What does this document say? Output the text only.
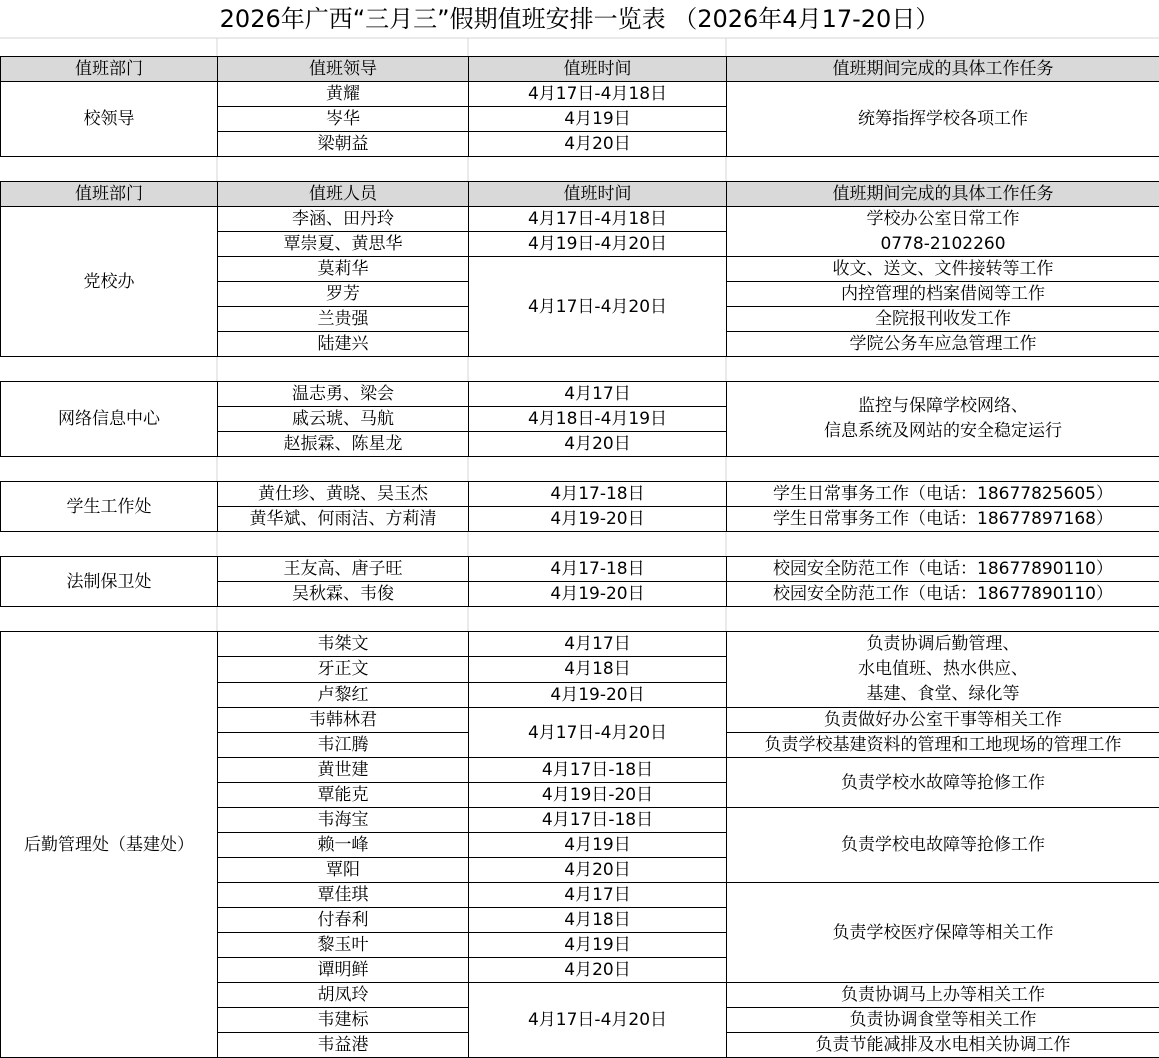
2026年广西“三月三”假期值班安排一览表 （2026年4月17-20日）
值班部门	值班领导	值班时间	值班期间完成的具体工作任务
校领导	黄耀	4月17日-4月18日	统筹指挥学校各项工作
	岑华	4月19日	
	梁朝益	4月20日	
值班部门	值班人员	值班时间	值班期间完成的具体工作任务
党校办	李涵、田丹玲	4月17日-4月18日	学校办公室日常工作
	覃崇夏、黄思华	4月19日-4月20日	0778-2102260
	莫莉华	4月17日-4月20日	收文、送文、文件接转等工作
	罗芳		内控管理的档案借阅等工作
	兰贵强		全院报刊收发工作
	陆建兴		学院公务车应急管理工作
网络信息中心	温志勇、梁会	4月17日	监控与保障学校网络、
信息系统及网站的安全稳定运行

	戚云琥、马航	4月18日-4月19日	
	赵振霖、陈星龙	4月20日	
学生工作处	黄仕珍、黄晓、吴玉杰	4月17-18日	学生日常事务工作（电话：18677825605）
	黄华斌、何雨洁、方莉清	4月19-20日	学生日常事务工作（电话：18677897168）
法制保卫处	王友高、唐子旺	4月17-18日	校园安全防范工作（电话：18677890110）
	吴秋霖、韦俊	4月19-20日	校园安全防范工作（电话：18677890110）
后勤管理处（基建处）	韦桀文	4月17日	负责协调后勤管理、
水电值班、热水供应、
基建、食堂、绿化等

	牙正文	4月18日	
	卢黎红	4月19-20日	
	韦韩林君	4月17日-4月20日	负责做好办公室干事等相关工作
	韦江腾		负责学校基建资料的管理和工地现场的管理工作
	黄世建	4月17日-18日	负责学校水故障等抢修工作
	覃能克	4月19日-20日	
	韦海宝	4月17日-18日	负责学校电故障等抢修工作
	赖一峰	4月19日	
	覃阳	4月20日	
	覃佳琪	4月17日	负责学校医疗保障等相关工作
	付春利	4月18日	
	黎玉叶	4月19日	
	谭明鲜	4月20日	
	胡凤玲	4月17日-4月20日	负责协调马上办等相关工作
	韦建标		负责协调食堂等相关工作
	韦益港		负责节能减排及水电相关协调工作
